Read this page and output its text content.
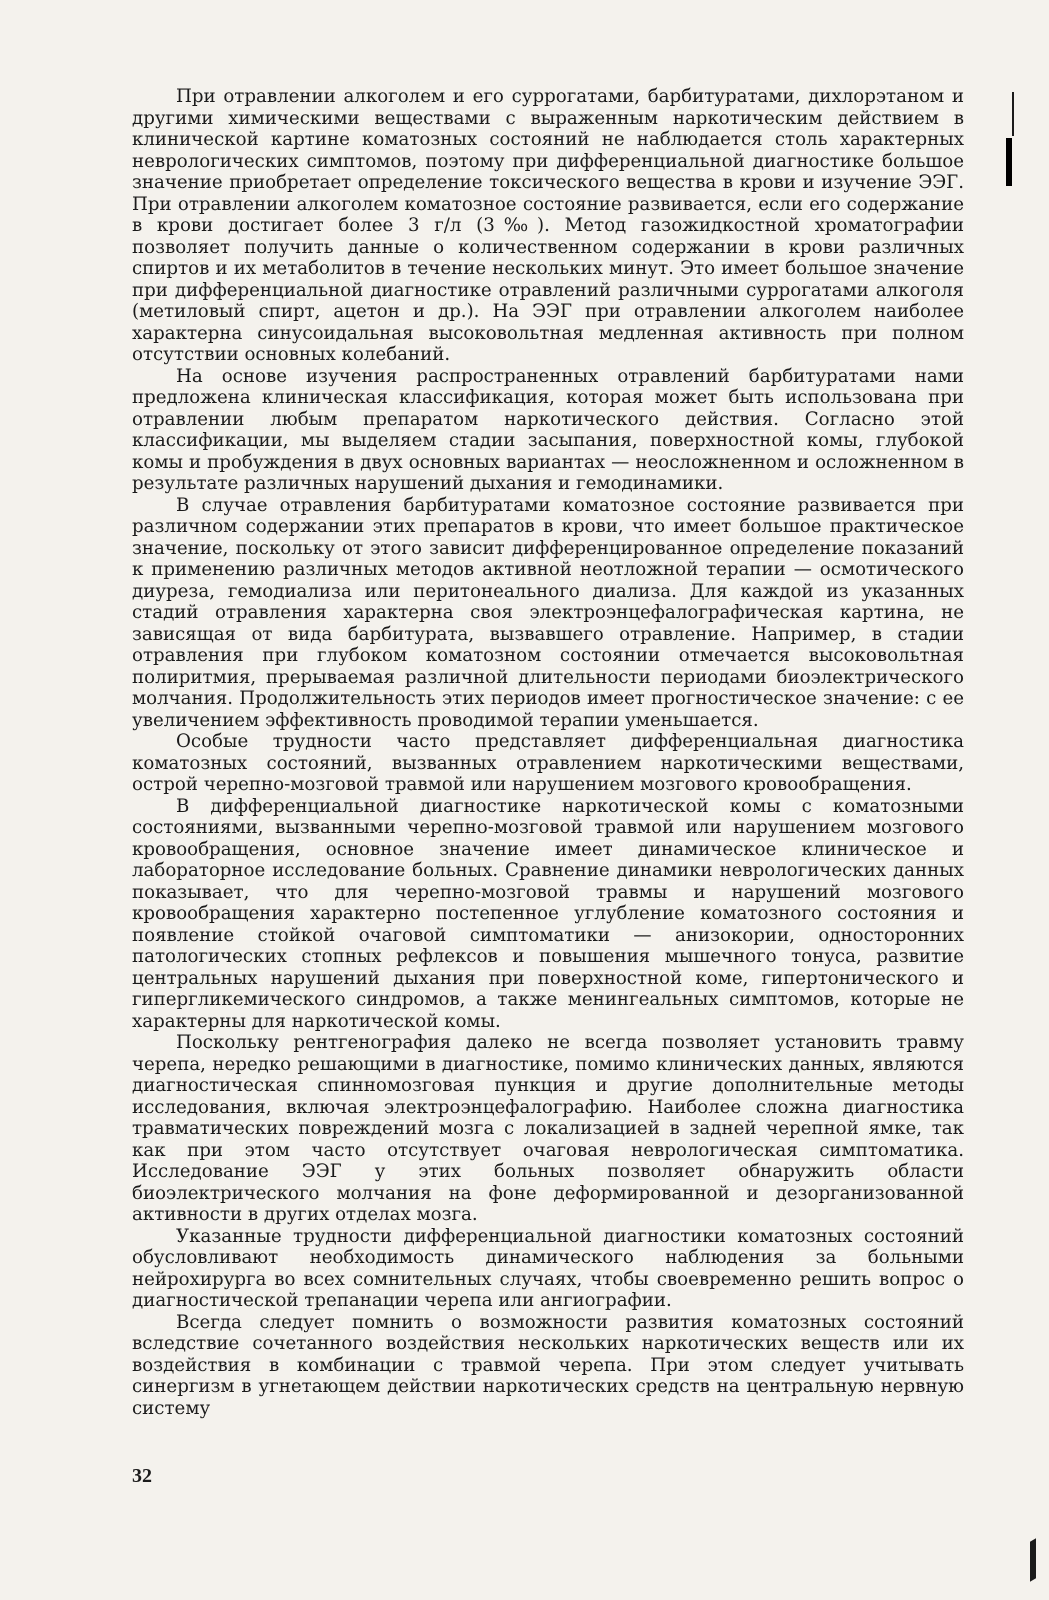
При отравлении алкоголем и его суррогатами, барбитуратами, дихлорэтаном и другими химическими веществами с выраженным наркотическим действием в клинической картине коматозных состояний не наблюдается столь характерных неврологических симптомов, поэтому при дифференциальной диагностике большое значение приобретает определение токсического вещества в крови и изучение ЭЭГ. При отравлении алкоголем коматозное состояние развивается, если его содержание в крови достигает более 3 г/л (3‰). Метод газожидкостной хроматографии позволяет получить данные о количественном содержании в крови различных спиртов и их метаболитов в течение нескольких минут. Это имеет большое значение при дифференциальной диагностике отравлений различными суррогатами алкоголя (метиловый спирт, ацетон и др.). На ЭЭГ при отравлении алкоголем наиболее характерна синусоидальная высоковольтная медленная активность при полном отсутствии основных колебаний.

На основе изучения распространенных отравлений барбитуратами нами предложена клиническая классификация, которая может быть использована при отравлении любым препаратом наркотического действия. Согласно этой классификации, мы выделяем стадии засыпания, поверхностной комы, глубокой комы и пробуждения в двух основных вариантах — неосложненном и осложненном в результате различных нарушений дыхания и гемодинамики.

В случае отравления барбитуратами коматозное состояние развивается при различном содержании этих препаратов в крови, что имеет большое практическое значение, поскольку от этого зависит дифференцированное определение показаний к применению различных методов активной неотложной терапии — осмотического диуреза, гемодиализа или перитонеального диализа. Для каждой из указанных стадий отравления характерна своя электроэнцефалографическая картина, не зависящая от вида барбитурата, вызвавшего отравление. Например, в стадии отравления при глубоком коматозном состоянии отмечается высоковольтная полиритмия, прерываемая различной длительности периодами биоэлектрического молчания. Продолжительность этих периодов имеет прогностическое значение: с ее увеличением эффективность проводимой терапии уменьшается.

Особые трудности часто представляет дифференциальная диагностика коматозных состояний, вызванных отравлением наркотическими веществами, острой черепно-мозговой травмой или нарушением мозгового кровообращения.

В дифференциальной диагностике наркотической комы с коматозными состояниями, вызванными черепно-мозговой травмой или нарушением мозгового кровообращения, основное значение имеет динамическое клиническое и лабораторное исследование больных. Сравнение динамики неврологических данных показывает, что для черепно-мозговой травмы и нарушений мозгового кровообращения характерно постепенное углубление коматозного состояния и появление стойкой очаговой симптоматики — анизокории, односторонних патологических стопных рефлексов и повышения мышечного тонуса, развитие центральных нарушений дыхания при поверхностной коме, гипертонического и гипергликемического синдромов, а также менингеальных симптомов, которые не характерны для наркотической комы.

Поскольку рентгенография далеко не всегда позволяет установить травму черепа, нередко решающими в диагностике, помимо клинических данных, являются диагностическая спинномозговая пункция и другие дополнительные методы исследования, включая электроэнцефалографию. Наиболее сложна диагностика травматических повреждений мозга с локализацией в задней черепной ямке, так как при этом часто отсутствует очаговая неврологическая симптоматика. Исследование ЭЭГ у этих больных позволяет обнаружить области биоэлектрического молчания на фоне деформированной и дезорганизованной активности в других отделах мозга.

Указанные трудности дифференциальной диагностики коматозных состояний обусловливают необходимость динамического наблюдения за больными нейрохирурга во всех сомнительных случаях, чтобы своевременно решить вопрос о диагностической трепанации черепа или ангиографии.

Всегда следует помнить о возможности развития коматозных состояний вследствие сочетанного воздействия нескольких наркотических веществ или их воздействия в комбинации с травмой черепа. При этом следует учитывать синергизм в угнетающем действии наркотических средств на центральную нервную систему

32
